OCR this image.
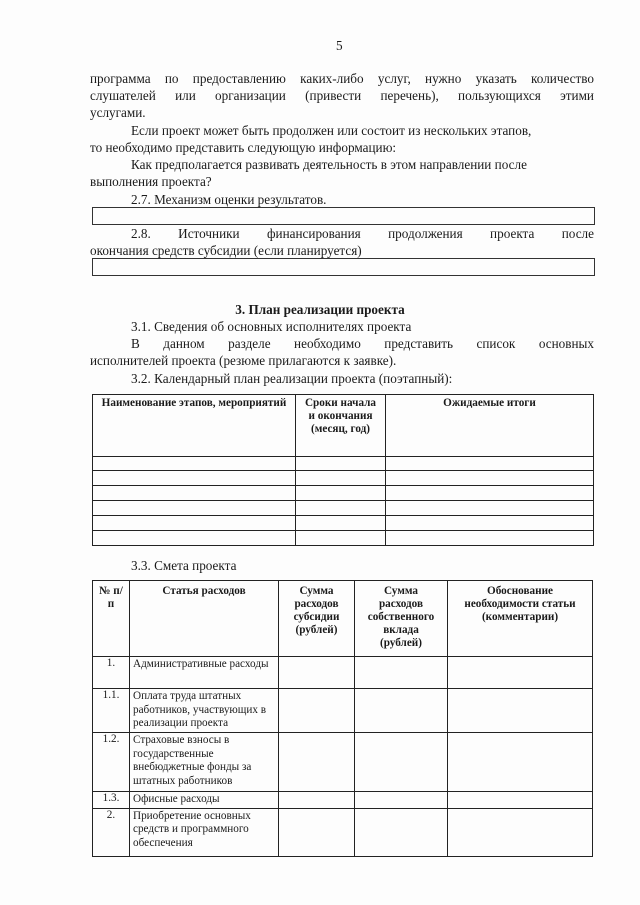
5
программа по предоставлению каких-либо услуг, нужно указать количество
слушателей или организации (привести перечень), пользующихся этими
услугами.
Если проект может быть продолжен или состоит из нескольких этапов,
то необходимо представить следующую информацию:
Как предполагается развивать деятельность в этом направлении после
выполнения проекта?
2.7. Механизм оценки результатов.
2.8. Источники финансирования продолжения проекта после
окончания средств субсидии (если планируется)
3. План реализации проекта
3.1. Сведения об основных исполнителях проекта
В данном разделе необходимо представить список основных
исполнителей проекта (резюме прилагаются к заявке).
3.2. Календарный план реализации проекта (поэтапный):
Наименование этапов, мероприятий	Сроки начала и окончания (месяц, год)	Ожидаемые итоги

3.3. Смета проекта
№ п/п	Статья расходов	Сумма расходов субсидии (рублей)	Сумма расходов собственного вклада (рублей)	Обоснование необходимости статьи (комментарии)
1.	Административные расходы			
1.1.	Оплата труда штатных работников, участвующих в реализации проекта			
1.2.	Страховые взносы в государственные внебюджетные фонды за штатных работников			
1.3.	Офисные расходы			
2.	Приобретение основных средств и программного обеспечения			
